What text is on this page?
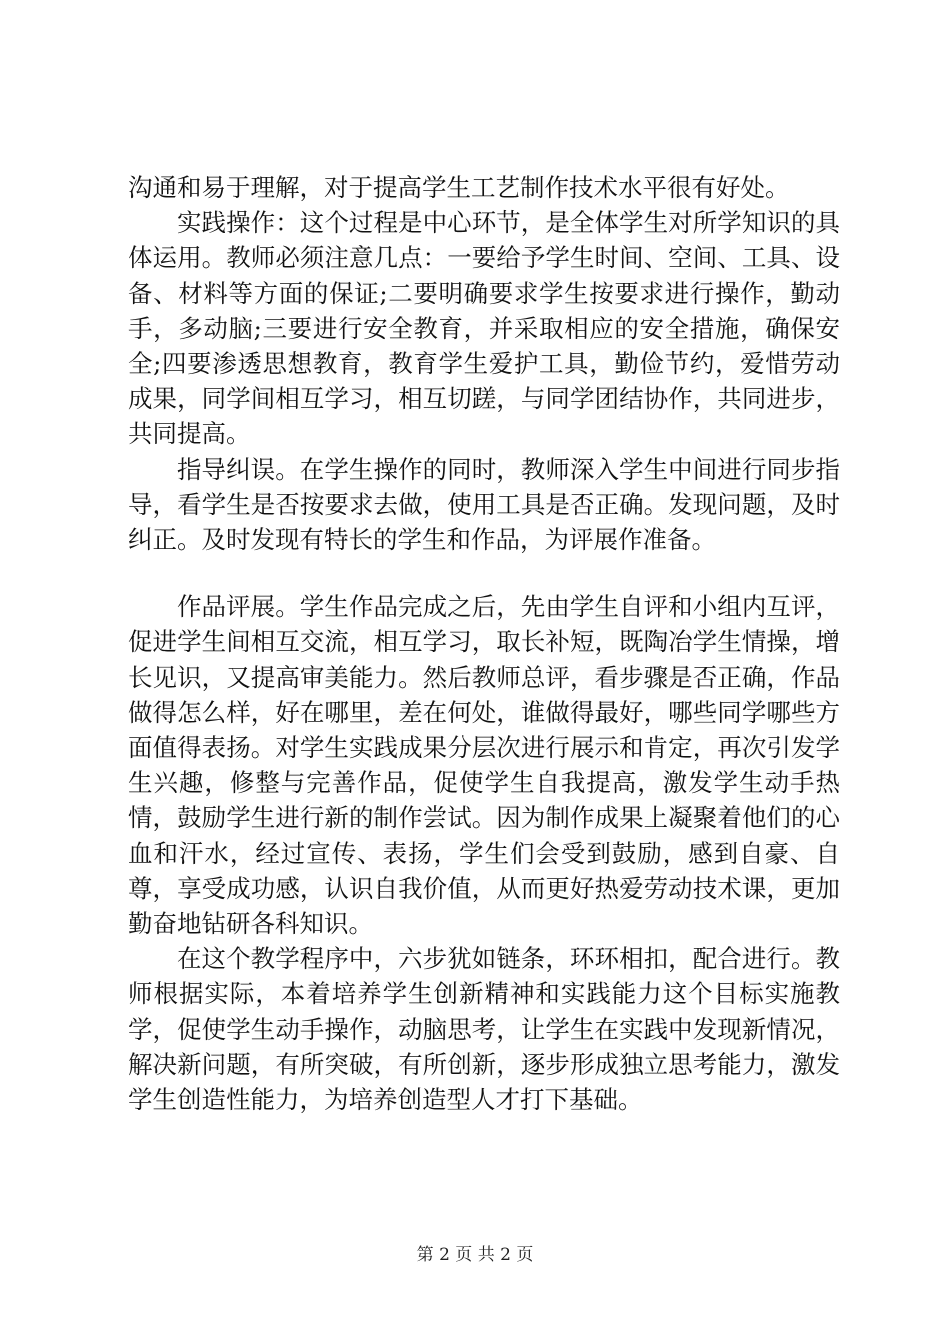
沟通和易于理解，对于提高学生工艺制作技术水平很有好处。

实践操作：这个过程是中心环节，是全体学生对所学知识的具体运用。教师必须注意几点：一要给予学生时间、空间、工具、设备、材料等方面的保证;二要明确要求学生按要求进行操作，勤动手，多动脑;三要进行安全教育，并采取相应的安全措施，确保安全;四要渗透思想教育，教育学生爱护工具，勤俭节约，爱惜劳动成果，同学间相互学习，相互切蹉，与同学团结协作，共同进步，共同提高。

指导纠误。在学生操作的同时，教师深入学生中间进行同步指导，看学生是否按要求去做，使用工具是否正确。发现问题，及时纠正。及时发现有特长的学生和作品，为评展作准备。

作品评展。学生作品完成之后，先由学生自评和小组内互评，促进学生间相互交流，相互学习，取长补短，既陶冶学生情操，增长见识，又提高审美能力。然后教师总评，看步骤是否正确，作品做得怎么样，好在哪里，差在何处，谁做得最好，哪些同学哪些方面值得表扬。对学生实践成果分层次进行展示和肯定，再次引发学生兴趣，修整与完善作品，促使学生自我提高，激发学生动手热情，鼓励学生进行新的制作尝试。因为制作成果上凝聚着他们的心血和汗水，经过宣传、表扬，学生们会受到鼓励，感到自豪、自尊，享受成功感，认识自我价值，从而更好热爱劳动技术课，更加勤奋地钻研各科知识。

在这个教学程序中，六步犹如链条，环环相扣，配合进行。教师根据实际，本着培养学生创新精神和实践能力这个目标实施教学，促使学生动手操作，动脑思考，让学生在实践中发现新情况，解决新问题，有所突破，有所创新，逐步形成独立思考能力，激发学生创造性能力，为培养创造型人才打下基础。

第 2 页 共 2 页
